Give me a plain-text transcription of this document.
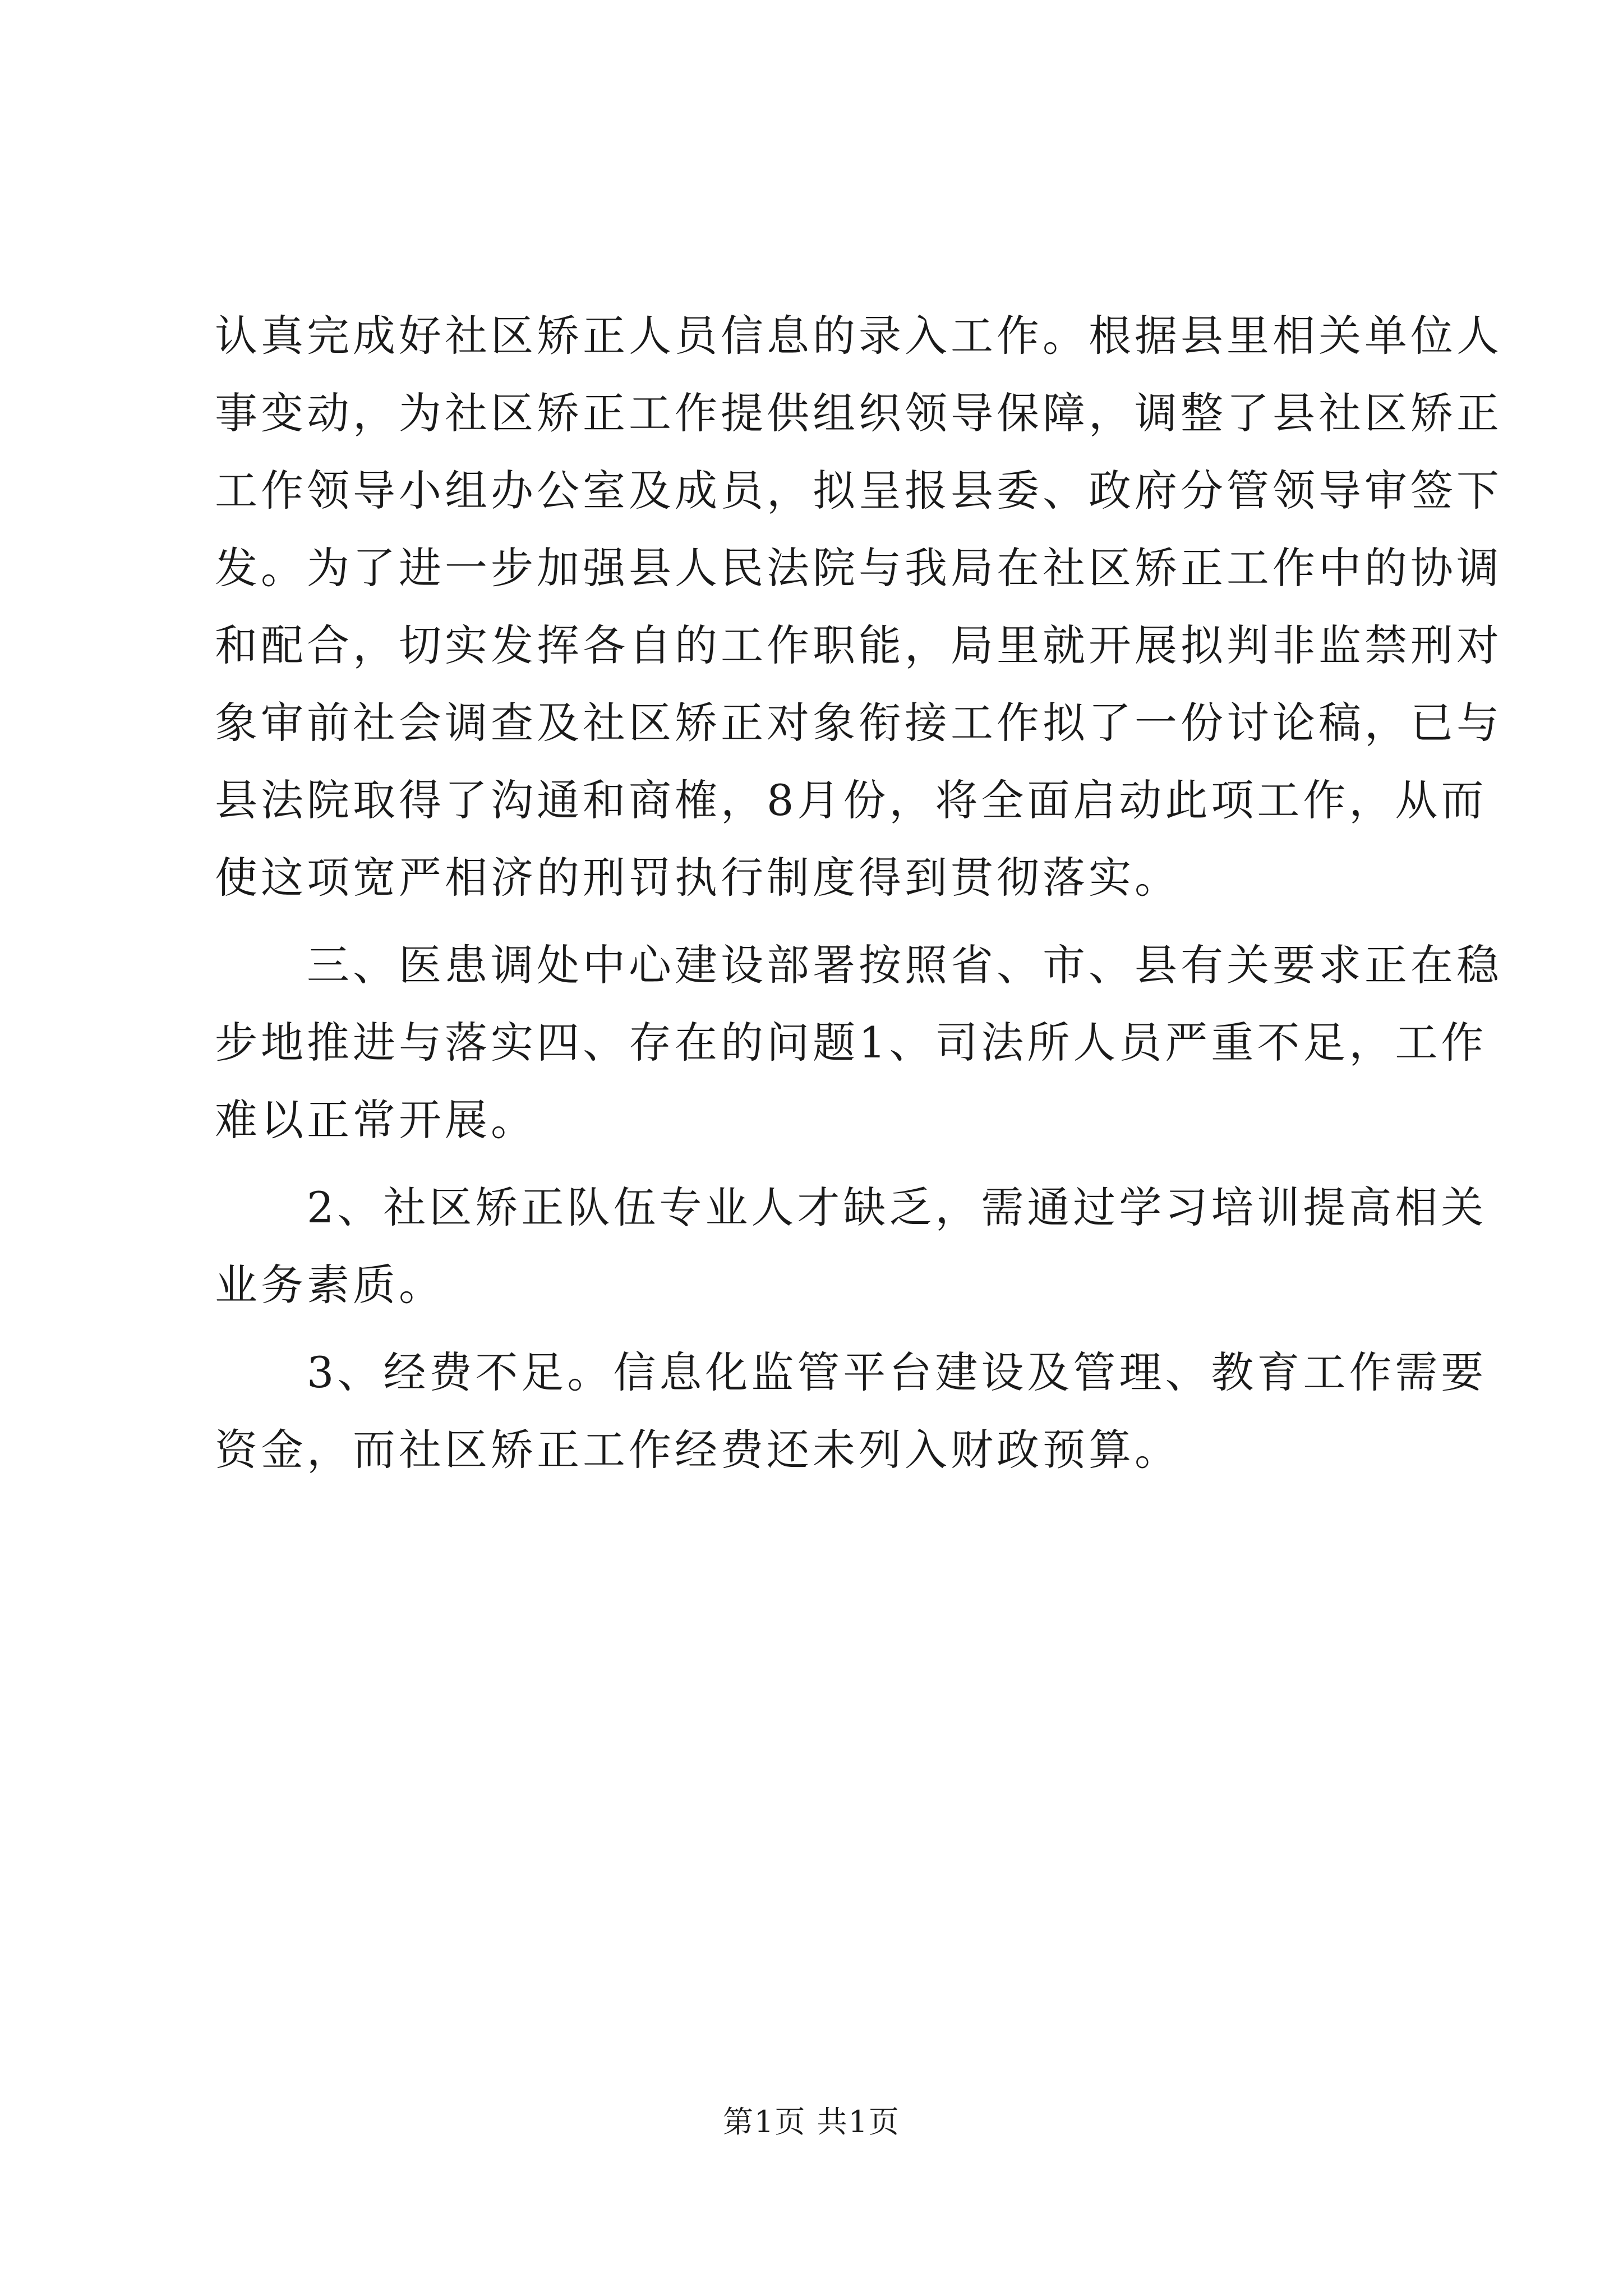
认真完成好社区矫正人员信息的录入工作。根据县里相关单位人
事变动，为社区矫正工作提供组织领导保障，调整了县社区矫正
工作领导小组办公室及成员，拟呈报县委、政府分管领导审签下
发。为了进一步加强县人民法院与我局在社区矫正工作中的协调
和配合，切实发挥各自的工作职能，局里就开展拟判非监禁刑对
象审前社会调查及社区矫正对象衔接工作拟了一份讨论稿，已与
县法院取得了沟通和商榷，8月份，将全面启动此项工作，从而
使这项宽严相济的刑罚执行制度得到贯彻落实。
　　三、医患调处中心建设部署按照省、市、县有关要求正在稳
步地推进与落实四、存在的问题1、司法所人员严重不足，工作
难以正常开展。
　　2、社区矫正队伍专业人才缺乏，需通过学习培训提高相关
业务素质。
　　3、经费不足。信息化监管平台建设及管理、教育工作需要
资金，而社区矫正工作经费还未列入财政预算。
第1页 共1页
